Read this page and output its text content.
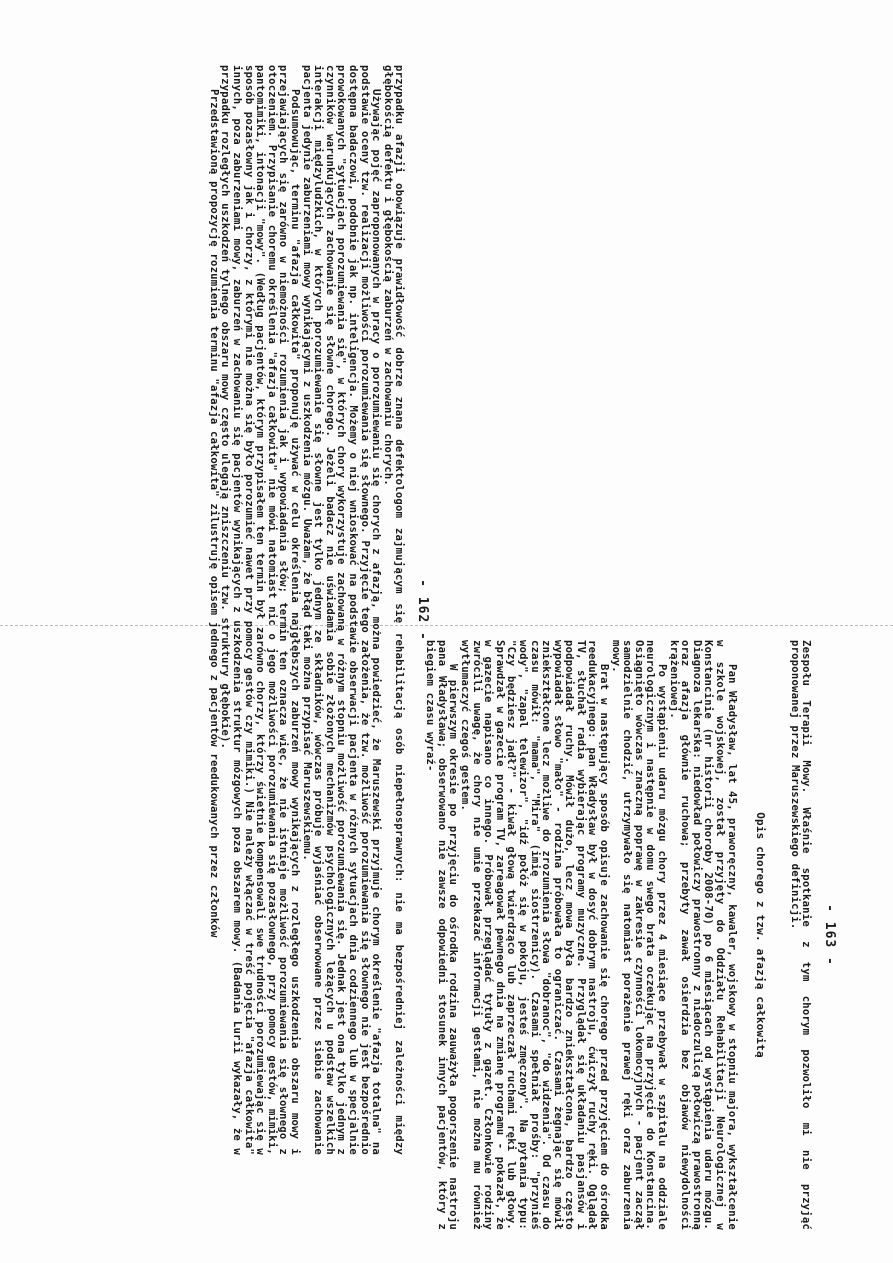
- 162 -

przypadku afazji obowiązuje prawidłowość dobrze znana defektologom zajmującym się rehabilitacją osób niepełnosprawnych: nie ma bezpośredniej zależności między głębokością defektu i głębokością zaburzeń w zachowaniu chorych.

Używając pojęć zaproponowanych w pracy o porozumiewaniu się chorych z afazją, można powiedzieć, że Maruszewski przyjmuje chorym określenie "afazja totalna" na podstawie oceny tzw. realizacji możliwości porozumiewania się słownego. Przyjęcie tego założenia, że tzw. możliwość porozumiewania się słownego nie jest bezpośrednio dostępna badaczowi, podobnie jak np. inteligencja. Możemy o niej wnioskować na podstawie obserwacji pacjenta w różnych sytuacjach dnia codziennego lub w specjalnie prowokowanych "sytuacjach porozumiewania się", w których chory wykorzystuje zachowaną w różnym stopniu możliwość porozumiewania się. Jednak jest ona tylko jednym z czynników warunkujących zachowanie się słowne chorego. Jeżeli badacz nie uświadamia sobie złożonych mechanizmów psychologicznych leżących u podstaw wszelkich interakcji międzyludzkich, w których porozumiewanie się słowne jest tylko jednym ze składników, wówczas próbuje wyjaśniać obserwowane przez siebie zachowanie pacjenta jedynie zaburzeniami mowy wynikającymi z uszkodzenia mózgu. Uważam, że błąd taki można przypisać Maruszewskiemu.

Podsumowując, terminu "afazja całkowita" proponuję używać w celu określenia najgłębszych zaburzeń mowy wynikających z rozległego uszkodzenia obszaru mowy i przejawiających się zarówno w niemożności rozumienia jak i wypowiadania słów; termin ten oznacza więc, że nie istnieje możliwość porozumiewania się słownego z otoczeniem. Przypisanie choremu określenia "afazja całkowita" nie mówi natomiast nic o jego możliwości porozumiewania się pozasłownego, przy pomocy gestów, mimiki, pantomimiki, intonacji "mowy". (Według pacjentów, którym przypisałem ten termin był zarówno chorzy, którzy świetnie kompensowali swe trudności porozumiewając się w sposób pozasłowny jak i chorzy, z którymi nie można się było porozumieć nawet przy pomocy gestów czy mimiki.) Nie należy włączać w treść pojęcia "afazja całkowita" innych, poza zaburzeniami mowy, zaburzeń w zachowaniu się pacjentów wynikających z uszkodzenia struktur mózgowych poza obszarem mowy. (Badania Lurii wykazały, że w przypadku rozległych uszkodzeń tylnego obszaru mowy często ulegają zniszczeniu tzw. struktury głębokie).

Przedstawioną propozycję rozumienia terminu "afazja całkowita" zilustruję opisem jednego z pacjentów reedukowanych przez członków	- 163 -

Zespołu Terapii Mowy. Właśnie spotkanie z tym chorym pozwoliło mi nie przyjąć proponowanej przez Maruszewskiego definicji.

Opis chorego z tzw. afazją całkowitą

Pan Władysław, lat 45, praworęczny, kawaler, wojskowy w stopniu majora, wykształcenie w szkole wojskowej, został przyjęty do Oddziału Rehabilitacji Neurologicznej w Konstancinie (nr historii choroby 2008-70) po 6 miesiącach od wystąpienia udaru mózgu. Diagnoza lekarska: niedowład połowiczy prawostronny z niedoczulicą połowiczą prawostronną oraz afazja głównie ruchowa; przebyty zawał osierdzia bez objawów niewydolności krążeniowej.

Po wystąpieniu udaru mózgu chory przez 4 miesiące przebywał w szpitalu na oddziale neurologicznym i następnie w domu swego brata oczekując na przyjęcie do Konstancina. Osiągnięto wówczas znaczną poprawę w zakresie czynności lokomocyjnych - pacjent zaczął samodzielnie chodzić, utrzymywało się natomiast porażenie prawej ręki oraz zaburzenia mowy.

Brat w następujący sposób opisuje zachowanie się chorego przed przyjęciem do ośrodka reedukacyjnego: pan Władysław był w dosyć dobrym nastroju, ćwiczył ruchy ręki. Oglądał TV, słuchał radia wybierając programy muzyczne. Przyglądał się układaniu pasjansów i podpowiadał ruchy. Mówił dużo, lecz mowa była bardzo zniekształcona, bardzo często wypowiadał słowo "mało" - rodzina próbowała to ograniczać. Czasami żegnając się mówił zniekształcone lecz możliwe do zrozumienia słowa "dobranoc", "do widzenia". Od czasu do czasu mówił: "mama", "Mira" (imię siostrzenicy). Czasami spełniał prośby: "przynieś wody", "zapal telewizor", "idź połóż się w pokoju, jesteś zmęczony". Na pytania typu: "Czy będziesz jadł?" - kiwał głową twierdząco lub zaprzeczał ruchami ręki lub głowy. Sprawdzał w gazecie program TV, zareagował pewnego dnia na zmianę programu - pokazał, że w gazecie napisano co innego. Próbował przeglądać tytuły z gazet. Członkowie rodziny zwrócili uwagę, że chory nie umie przekazać informacji gestami, nie można mu również wytłumaczyć czegoś gestem.

W pierwszym okresie po przyjęciu do ośrodka rodzina zauważyła pogorszenie nastroju pana Władysława; obserwowano nie zawsze odpowiedni stosunek innych pacjentów, który z biegiem czasu wyraź-
